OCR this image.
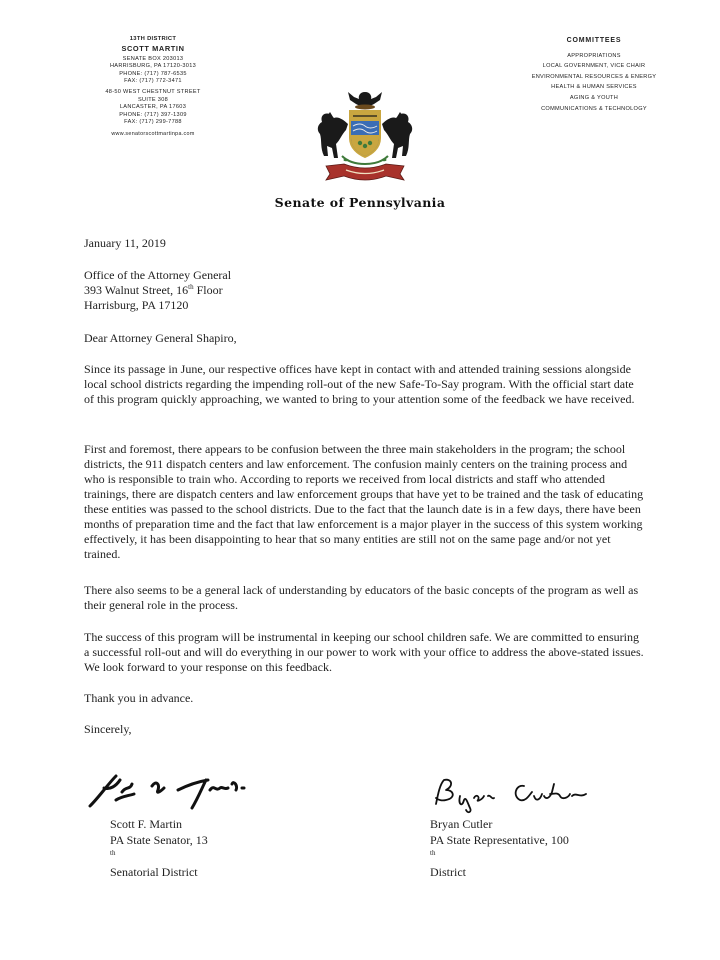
13TH DISTRICT
SCOTT MARTIN
SENATE BOX 203013
HARRISBURG, PA 17120-3013
PHONE: (717) 787-6535
FAX: (717) 772-3471
48-50 WEST CHESTNUT STREET
SUITE 308
LANCASTER, PA 17603
PHONE: (717) 397-1309
FAX: (717) 299-7788
www.senatorscottmartinpa.com
COMMITTEES
APPROPRIATIONS
LOCAL GOVERNMENT, VICE CHAIR
ENVIRONMENTAL RESOURCES & ENERGY
HEALTH & HUMAN SERVICES
AGING & YOUTH
COMMUNICATIONS & TECHNOLOGY
Senate of Pennsylvania
January 11, 2019
Office of the Attorney General
393 Walnut Street, 16th Floor
Harrisburg, PA 17120
Dear Attorney General Shapiro,
Since its passage in June, our respective offices have kept in contact with and attended training sessions alongside local school districts regarding the impending roll-out of the new Safe-To-Say program. With the official start date of this program quickly approaching, we wanted to bring to your attention some of the feedback we have received.
First and foremost, there appears to be confusion between the three main stakeholders in the program; the school districts, the 911 dispatch centers and law enforcement. The confusion mainly centers on the training process and who is responsible to train who. According to reports we received from local districts and staff who attended trainings, there are dispatch centers and law enforcement groups that have yet to be trained and the task of educating these entities was passed to the school districts. Due to the fact that the launch date is in a few days, there have been months of preparation time and the fact that law enforcement is a major player in the success of this system working effectively, it has been disappointing to hear that so many entities are still not on the same page and/or not yet trained.
There also seems to be a general lack of understanding by educators of the basic concepts of the program as well as their general role in the process.
The success of this program will be instrumental in keeping our school children safe. We are committed to ensuring a successful roll-out and will do everything in our power to work with your office to address the above-stated issues. We look forward to your response on this feedback.
Thank you in advance.
Sincerely,
Scott F. Martin
PA State Senator, 13
$^{th}$
Senatorial District
Bryan Cutler
PA State Representative, 100
$^{th}$
District
